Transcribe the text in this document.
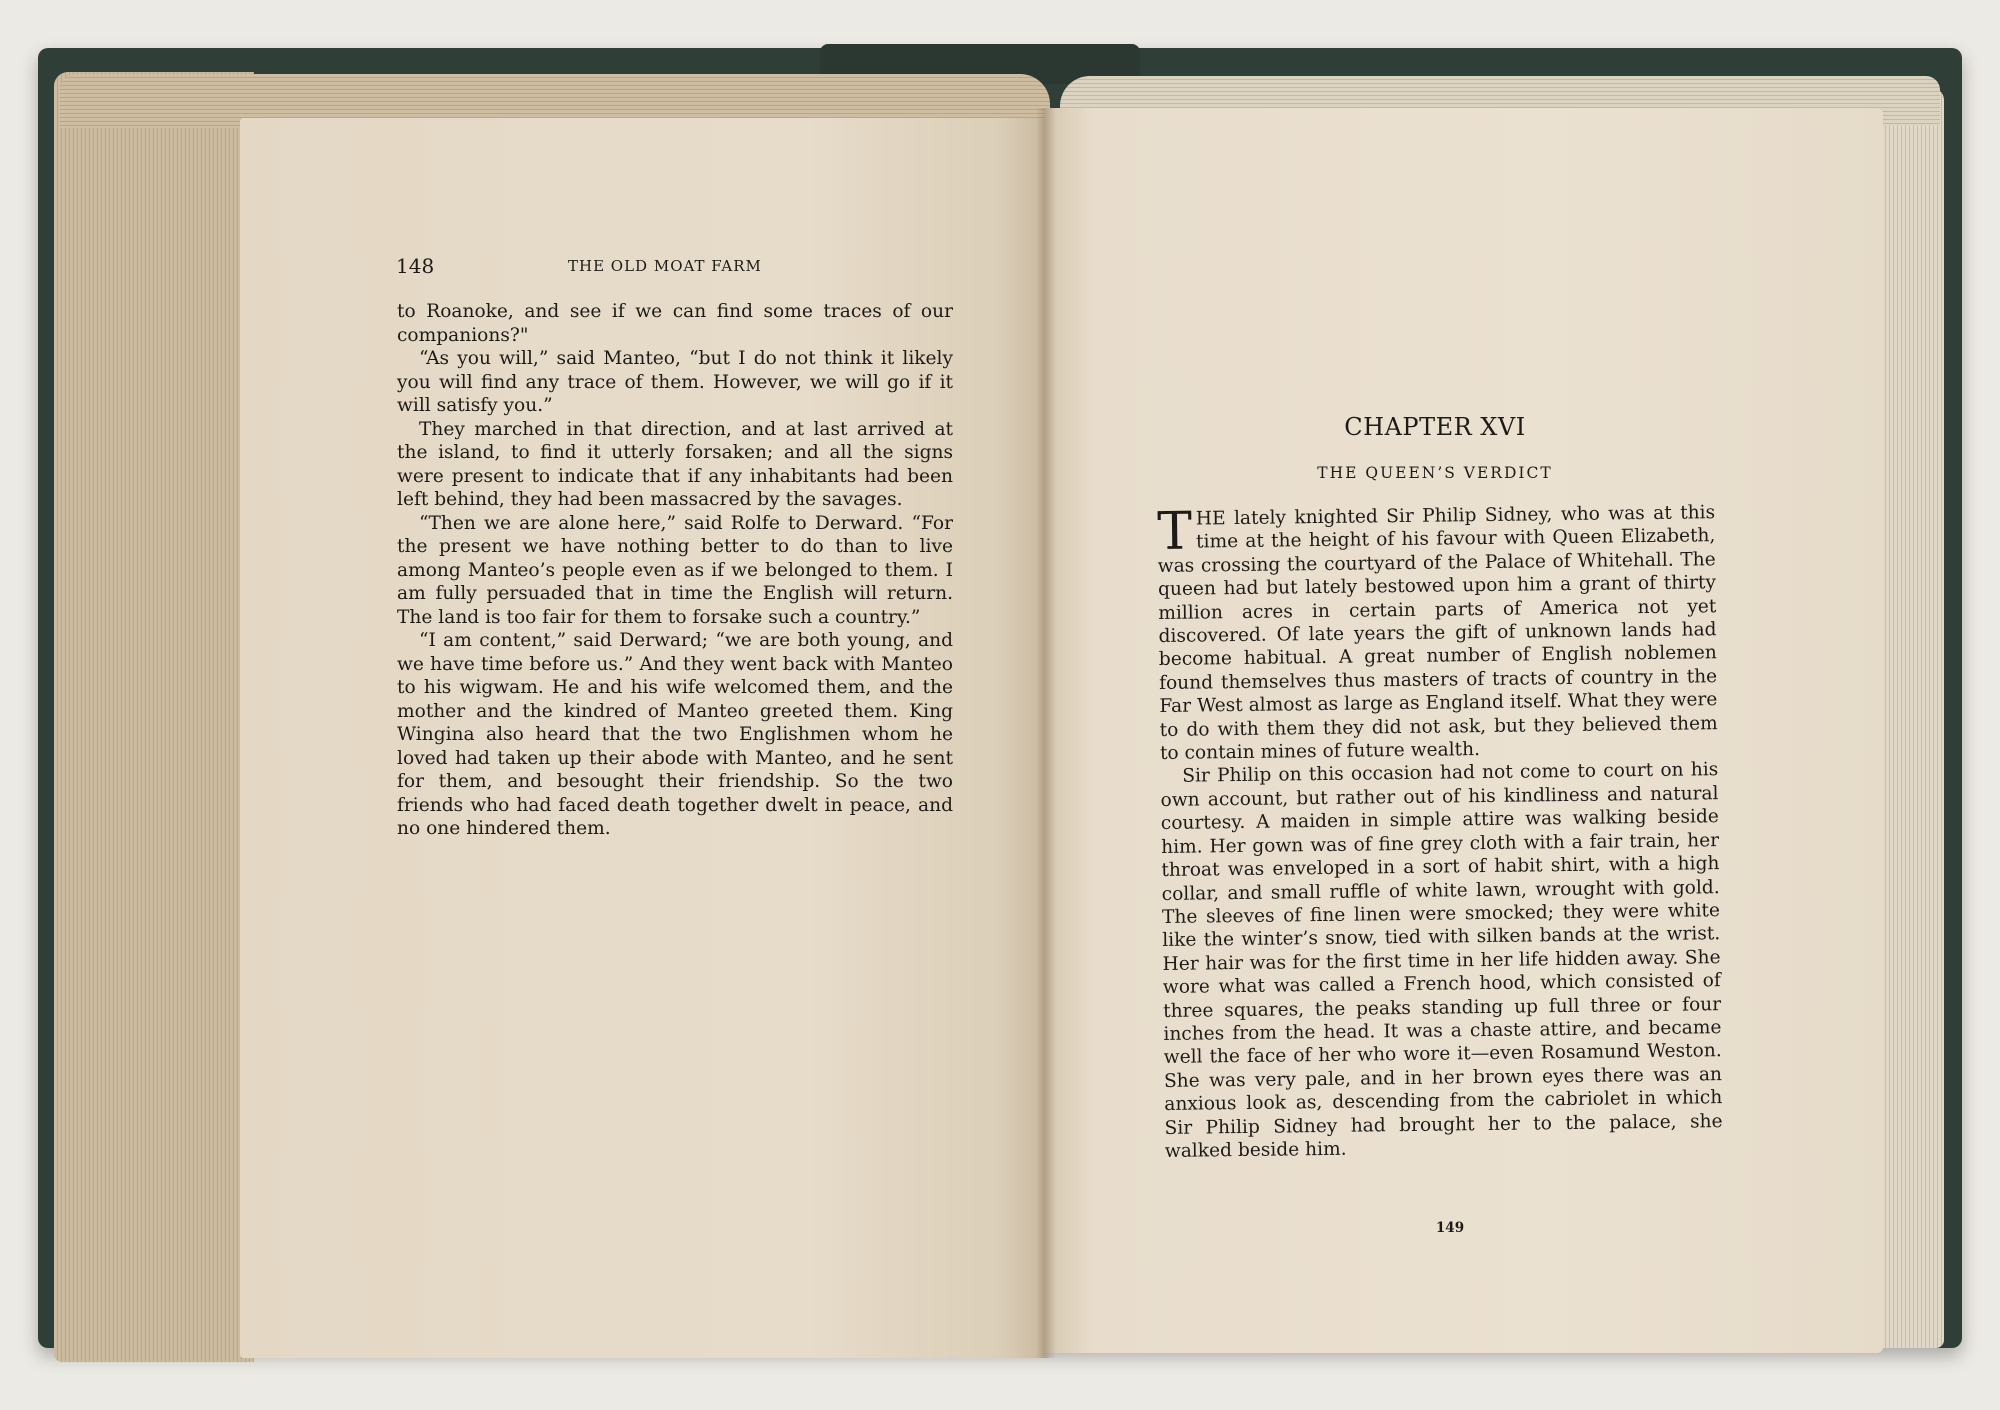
148	THE OLD MOAT FARM

to Roanoke, and see if we can find some traces of our companions?"

“As you will,” said Manteo, “but I do not think it likely you will find any trace of them. However, we will go if it will satisfy you.”

They marched in that direction, and at last arrived at the island, to find it utterly forsaken; and all the signs were present to indicate that if any inhabitants had been left behind, they had been massacred by the savages.

“Then we are alone here,” said Rolfe to Derward. “For the present we have nothing better to do than to live among Manteo’s people even as if we belonged to them. I am fully persuaded that in time the English will return. The land is too fair for them to forsake such a country.”

“I am content,” said Derward; “we are both young, and we have time before us.” And they went back with Manteo to his wigwam. He and his wife welcomed them, and the mother and the kindred of Manteo greeted them. King Wingina also heard that the two Englishmen whom he loved had taken up their abode with Manteo, and he sent for them, and besought their friendship. So the two friends who had faced death together dwelt in peace, and no one hindered them.

CHAPTER XVI
THE QUEEN’S VERDICT

THE lately knighted Sir Philip Sidney, who was at this time at the height of his favour with Queen Elizabeth, was crossing the courtyard of the Palace of Whitehall. The queen had but lately bestowed upon him a grant of thirty million acres in certain parts of America not yet discovered. Of late years the gift of unknown lands had become habitual. A great number of English noblemen found themselves thus masters of tracts of country in the Far West almost as large as England itself. What they were to do with them they did not ask, but they believed them to contain mines of future wealth.

Sir Philip on this occasion had not come to court on his own account, but rather out of his kindliness and natural courtesy. A maiden in simple attire was walking beside him. Her gown was of fine grey cloth with a fair train, her throat was enveloped in a sort of habit shirt, with a high collar, and small ruffle of white lawn, wrought with gold. The sleeves of fine linen were smocked; they were white like the winter’s snow, tied with silken bands at the wrist. Her hair was for the first time in her life hidden away. She wore what was called a French hood, which consisted of three squares, the peaks standing up full three or four inches from the head. It was a chaste attire, and became well the face of her who wore it—even Rosamund Weston. She was very pale, and in her brown eyes there was an anxious look as, descending from the cabriolet in which Sir Philip Sidney had brought her to the palace, she walked beside him.

149
